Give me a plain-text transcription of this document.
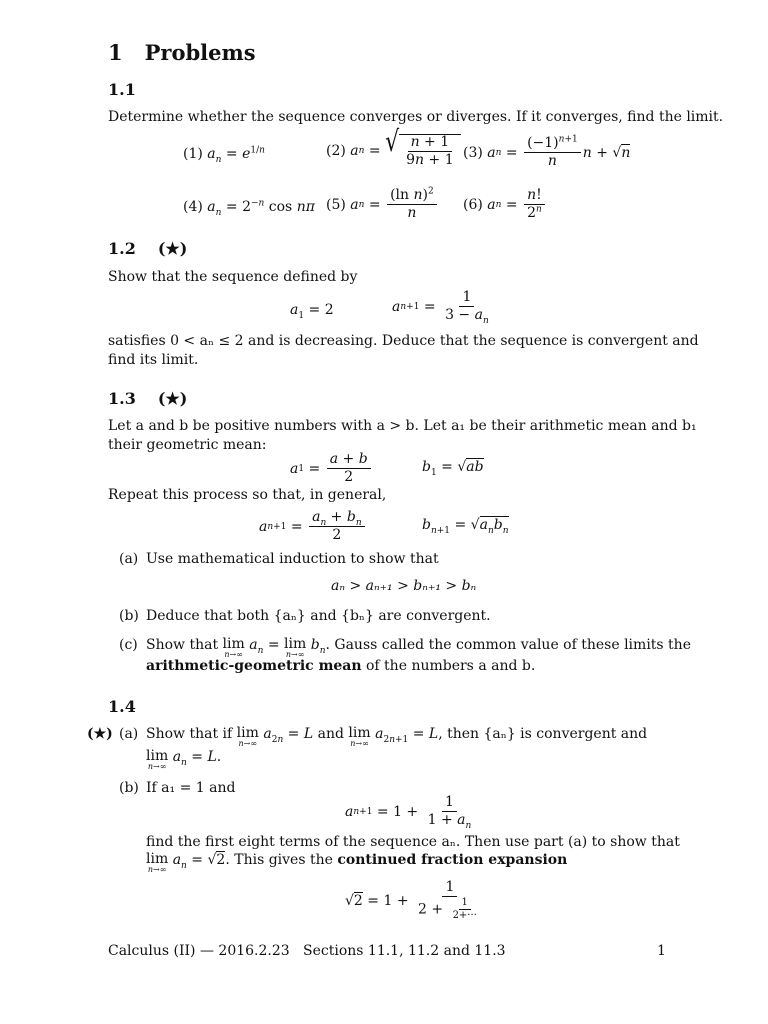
1 Problems
1.1
Determine whether the sequence converges or diverges. If it converges, find the limit.
(1) $a_n = e^{1/n}$	(2) a n = √ $\frac{n + 1}{9n + 1} (3)$ a $n = \frac{(-1)^{n+1}}{n}$ n + √n
(4) $a_n = 2^{-n}$ cos nπ (5) a $n = \frac{(\ln n)^2}{n} (6)$ a $n = \frac{n!}{2^n}$
1.2 (★)
Show that the sequence defined by
$a_1 = 2$	a $n+1 = \frac{1}{3 - a_n}$
satisfies 0 < aₙ ≤ 2 and is decreasing. Deduce that the sequence is convergent and
find its limit.
1.3 (★)
Let a and b be positive numbers with a > b. Let a₁ be their arithmetic mean and b₁
their geometric mean:
a $1 = \frac{a + b}{2}$	$b_1 = √ab$
Repeat this process so that, in general,
a $n+1 = \frac{a_n + b_n}{2}$	$b_{n+1} = √a_nb_n$
(a) Use mathematical induction to show that
aₙ > aₙ₊₁ > bₙ₊₁ > bₙ
(b) Deduce that both {aₙ} and {bₙ} are convergent.
(c) Show that lim
n→∞
$a_n = \lim$
n→∞
$b_n$. Gauss called the common value of these limits the
arithmetic-geometric mean of the numbers a and b.
1.4
(★) (a) Show that if lim
n→∞
$a_{2n} = L$ and lim
n→∞
$a_{2n+1} = L$, then {aₙ} is convergent and
lim
n→∞
$a_n = L$.
(b) If a₁ = 1 and
a $n+1 = 1 + \frac{1}{1 + a_n}$
find the first eight terms of the sequence aₙ. Then use part (a) to show that
lim
n→∞
$a_n = √2$. This gives the continued fraction expansion
√ $2 = 1 + \frac{1}{2 + \frac{1}{2+\cdot\cdot\cdot}}$
Calculus (II) — 2016.2.23   Sections 11.1, 11.2 and 11.3	1
